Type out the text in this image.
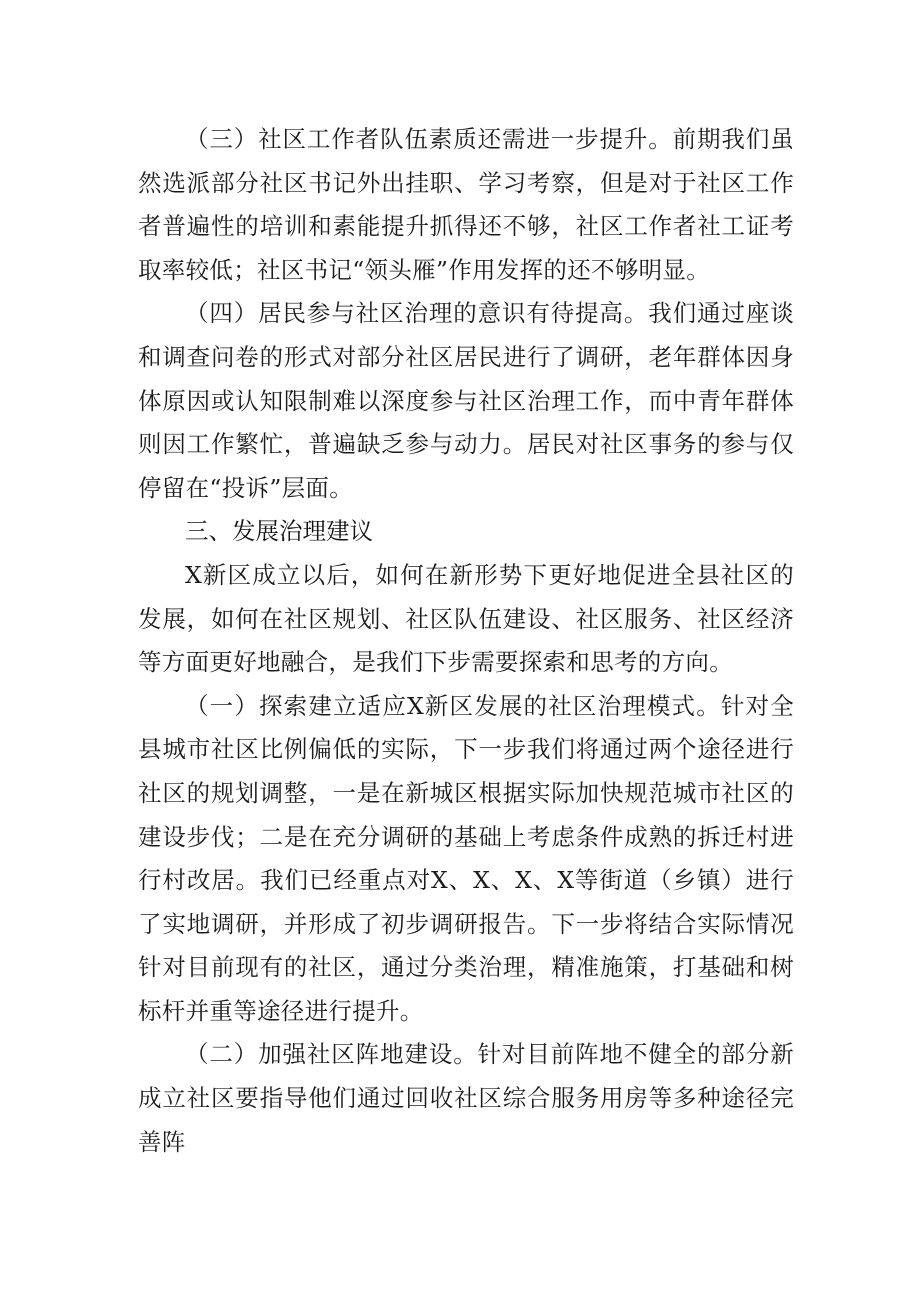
（三）社区工作者队伍素质还需进一步提升。前期我们虽然选派部分社区书记外出挂职、学习考察，但是对于社区工作者普遍性的培训和素能提升抓得还不够，社区工作者社工证考取率较低；社区书记“领头雁”作用发挥的还不够明显。

（四）居民参与社区治理的意识有待提高。我们通过座谈和调查问卷的形式对部分社区居民进行了调研，老年群体因身体原因或认知限制难以深度参与社区治理工作，而中青年群体则因工作繁忙，普遍缺乏参与动力。居民对社区事务的参与仅停留在“投诉”层面。

三、发展治理建议

X新区成立以后，如何在新形势下更好地促进全县社区的发展，如何在社区规划、社区队伍建设、社区服务、社区经济等方面更好地融合，是我们下步需要探索和思考的方向。

（一）探索建立适应X新区发展的社区治理模式。针对全县城市社区比例偏低的实际，下一步我们将通过两个途径进行社区的规划调整，一是在新城区根据实际加快规范城市社区的建设步伐；二是在充分调研的基础上考虑条件成熟的拆迁村进行村改居。我们已经重点对X、X、X、X等街道（乡镇）进行了实地调研，并形成了初步调研报告。下一步将结合实际情况针对目前现有的社区，通过分类治理，精准施策，打基础和树标杆并重等途径进行提升。

（二）加强社区阵地建设。针对目前阵地不健全的部分新成立社区要指导他们通过回收社区综合服务用房等多种途径完善阵
